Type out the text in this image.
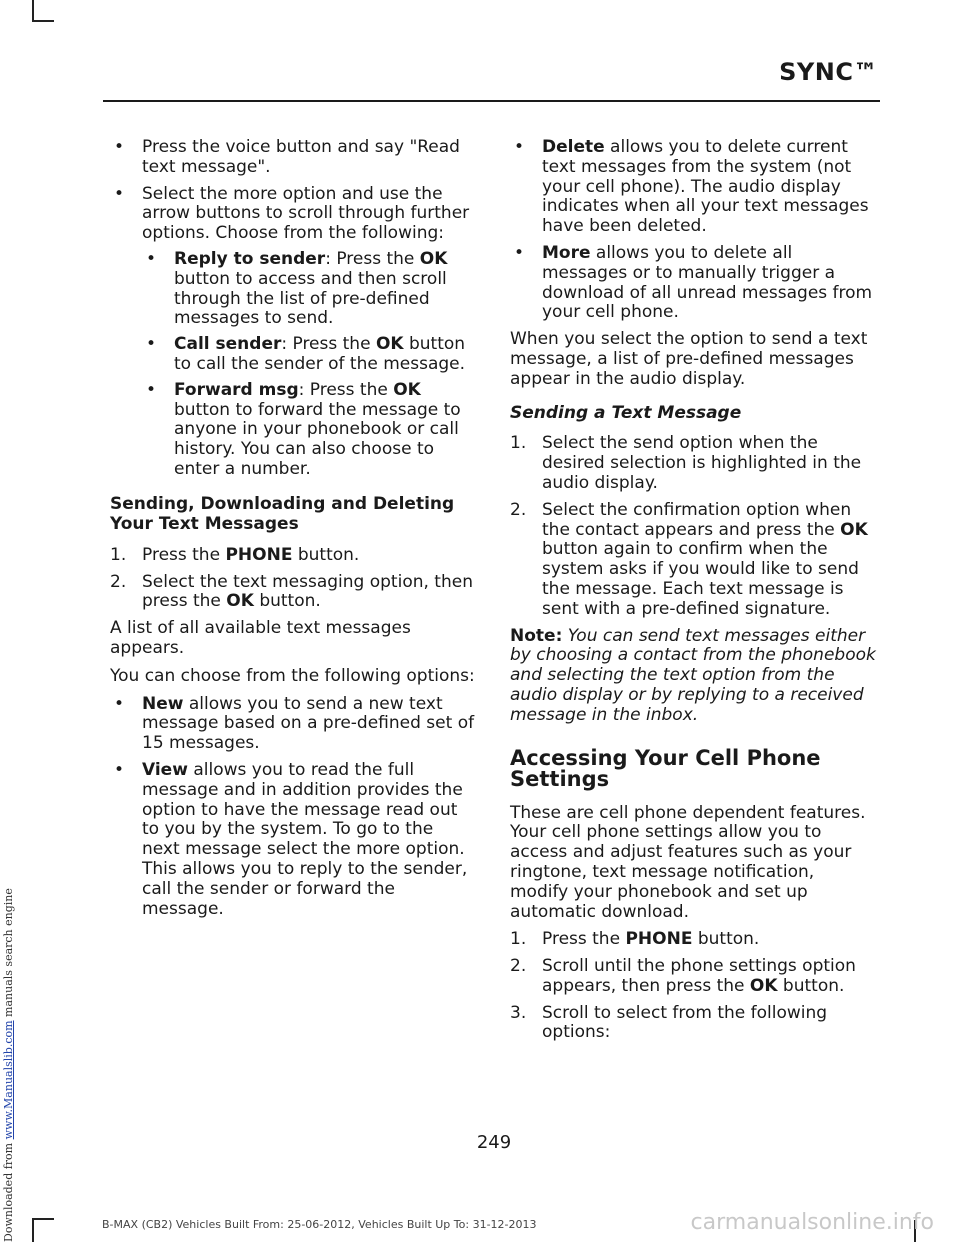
SYNC™
• Press the voice button and say "Read text message".
• Select the more option and use the arrow buttons to scroll through further options. Choose from the following:
• Reply to sender: Press the OK button to access and then scroll through the list of pre-defined messages to send.
• Call sender: Press the OK button to call the sender of the message.
• Forward msg: Press the OK button to forward the message to anyone in your phonebook or call history. You can also choose to enter a number.
Sending, Downloading and Deleting Your Text Messages
1. Press the PHONE button.
2. Select the text messaging option, then press the OK button.

A list of all available text messages appears.

You can choose from the following options:

• New allows you to send a new text message based on a pre-defined set of 15 messages.
• View allows you to read the full message and in addition provides the option to have the message read out to you by the system. To go to the next message select the more option. This allows you to reply to the sender, call the sender or forward the message.
• Delete allows you to delete current text messages from the system (not your cell phone). The audio display indicates when all your text messages have been deleted.
• More allows you to delete all messages or to manually trigger a download of all unread messages from your cell phone.

When you select the option to send a text message, a list of pre-defined messages appear in the audio display.

Sending a Text Message
1. Select the send option when the desired selection is highlighted in the audio display.
2. Select the confirmation option when the contact appears and press the OK button again to confirm when the system asks if you would like to send the message. Each text message is sent with a pre-defined signature.

Note: You can send text messages either by choosing a contact from the phonebook and selecting the text option from the audio display or by replying to a received message in the inbox.

Accessing Your Cell Phone Settings

These are cell phone dependent features. Your cell phone settings allow you to access and adjust features such as your ringtone, text message notification, modify your phonebook and set up automatic download.

1. Press the PHONE button.
2. Scroll until the phone settings option appears, then press the OK button.
3. Scroll to select from the following options:
249
Downloaded from www.Manualslib.com manuals search engine
B-MAX (CB2) Vehicles Built From: 25-06-2012, Vehicles Built Up To: 31-12-2013	carmanualsonline.info
